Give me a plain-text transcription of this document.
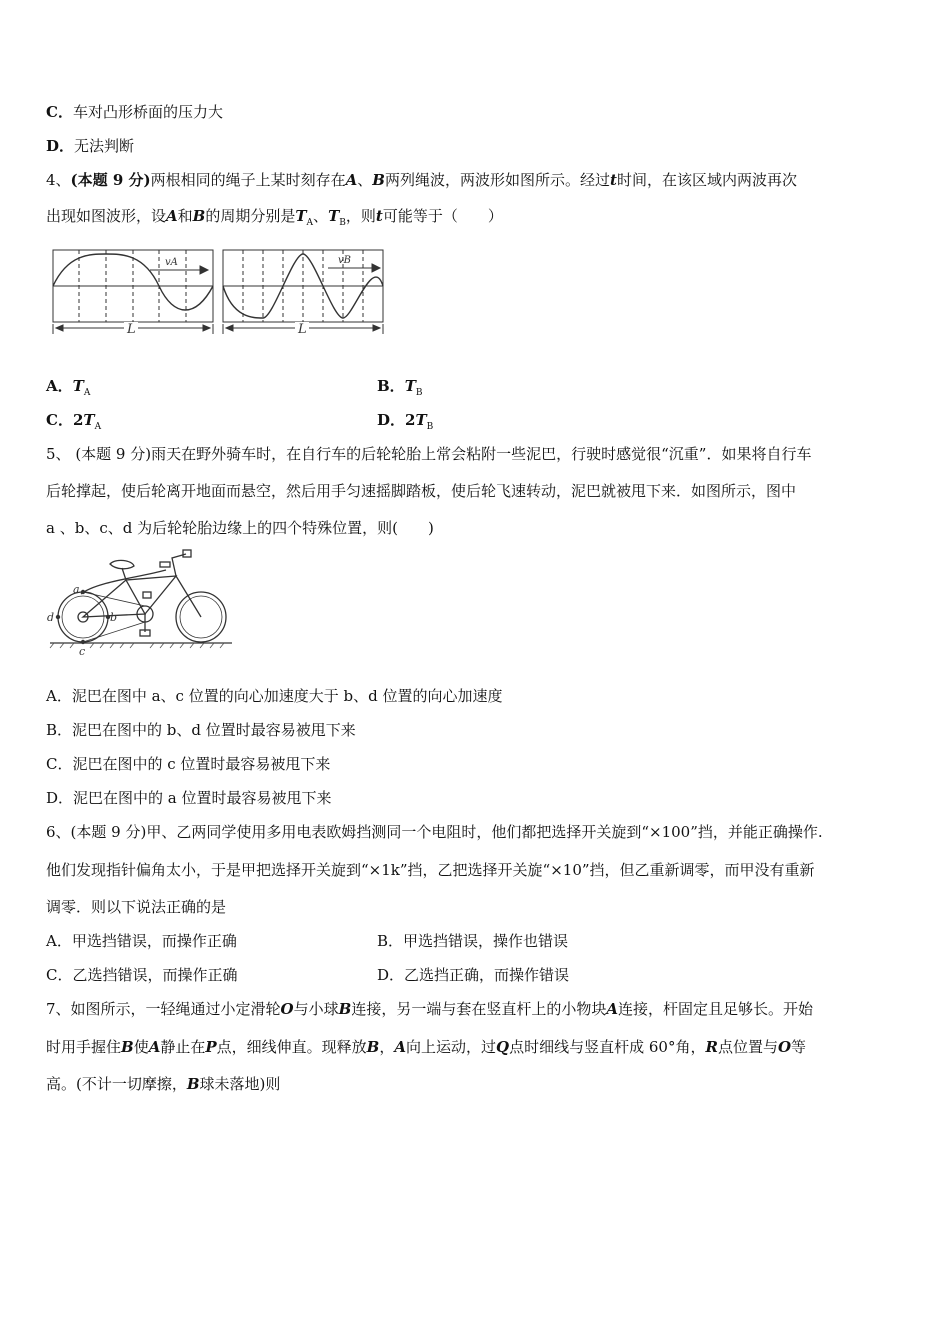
C．车对凸形桥面的压力大
D．无法判断
4、(本题 9 分)两根相同的绳子上某时刻存在A、B两列绳波，两波形如图所示。经过t时间，在该区域内两波再次
出现如图波形，设A和B的周期分别是$T_A$、$T_B$，则t可能等于（　　）
vA	vB
L	L
A．$T_A$	B．$T_B$
C．$2T_A$	D．$2T_B$
5、 (本题 9 分)雨天在野外骑车时，在自行车的后轮轮胎上常会粘附一些泥巴，行驶时感觉很“沉重”．如果将自行车
后轮撑起，使后轮离开地面而悬空，然后用手匀速摇脚踏板，使后轮飞速转动，泥巴就被甩下来．如图所示，图中
a 、b、c、d 为后轮轮胎边缘上的四个特殊位置，则(　　)
a
b
c
d
A．泥巴在图中 a、c 位置的向心加速度大于 b、d 位置的向心加速度
B．泥巴在图中的 b、d 位置时最容易被甩下来
C．泥巴在图中的 c 位置时最容易被甩下来
D．泥巴在图中的 a 位置时最容易被甩下来
6、(本题 9 分)甲、乙两同学使用多用电表欧姆挡测同一个电阻时，他们都把选择开关旋到“×100”挡，并能正确操作.
他们发现指针偏角太小，于是甲把选择开关旋到“×1k”挡，乙把选择开关旋“×10”挡，但乙重新调零，而甲没有重新
调零．则以下说法正确的是
A．甲选挡错误，而操作正确	B．甲选挡错误，操作也错误
C．乙选挡错误，而操作正确	D．乙选挡正确，而操作错误
7、如图所示，一轻绳通过小定滑轮O与小球B连接，另一端与套在竖直杆上的小物块A连接，杆固定且足够长。开始
时用手握住B使A静止在P点，细线伸直。现释放B，A向上运动，过Q点时细线与竖直杆成 60°角，R点位置与O等
高。(不计一切摩擦，B球未落地)则
